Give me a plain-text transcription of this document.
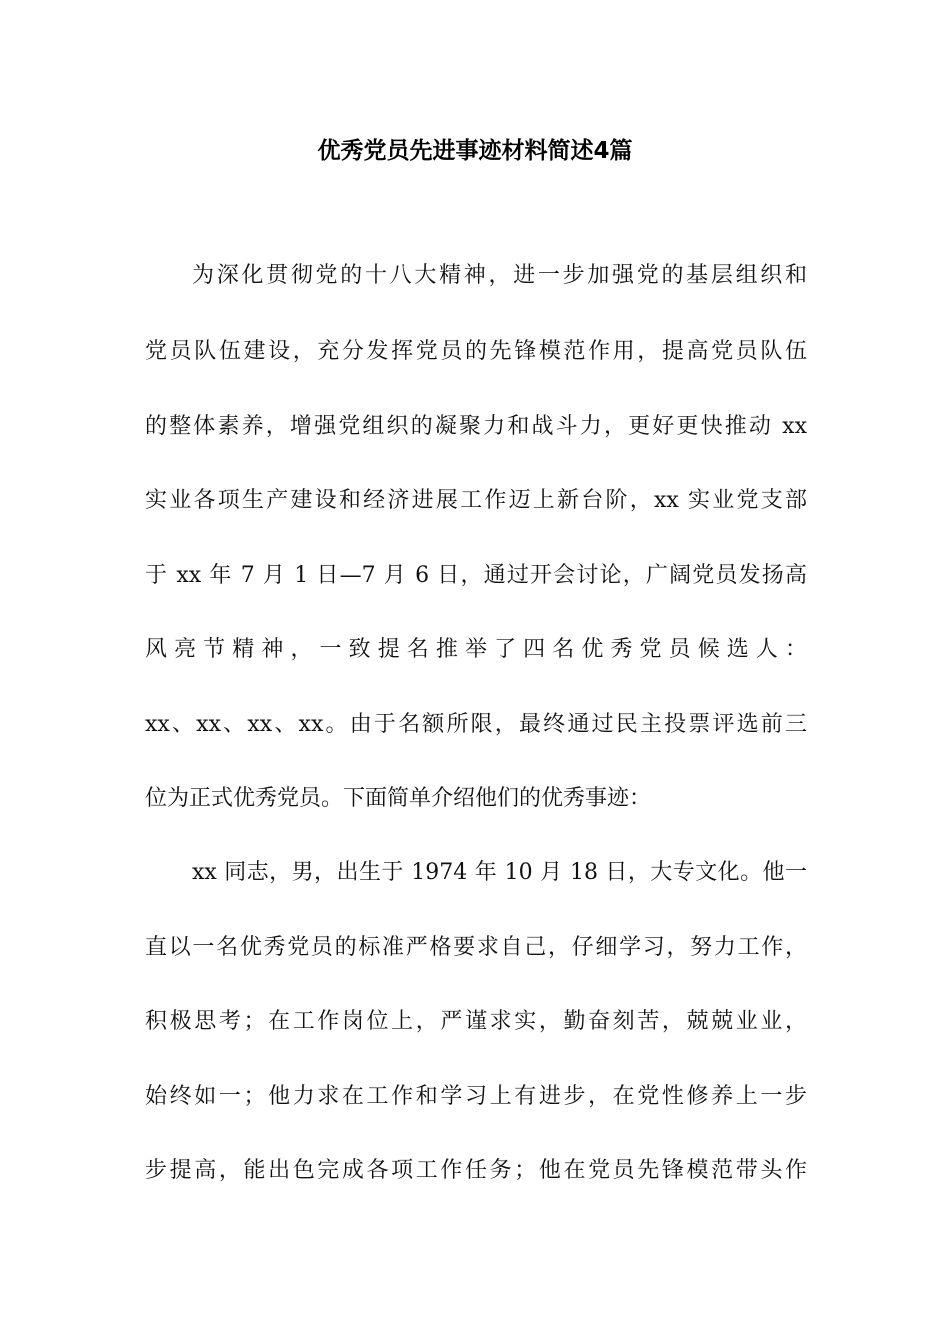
优秀党员先进事迹材料简述4篇
为深化贯彻党的十八大精神，进一步加强党的基层组织和
党员队伍建设，充分发挥党员的先锋模范作用，提高党员队伍
的整体素养，增强党组织的凝聚力和战斗力，更好更快推动 xx
实业各项生产建设和经济进展工作迈上新台阶，xx 实业党支部
于 xx 年 7 月 1 日—7 月 6 日，通过开会讨论，广阔党员发扬高
风亮节精神，一致提名推举了四名优秀党员候选人：
xx、xx、xx、xx。由于名额所限，最终通过民主投票评选前三
位为正式优秀党员。下面简单介绍他们的优秀事迹：
xx 同志，男，出生于 1974 年 10 月 18 日，大专文化。他一
直以一名优秀党员的标准严格要求自己，仔细学习，努力工作，
积极思考；在工作岗位上，严谨求实，勤奋刻苦，兢兢业业，
始终如一；他力求在工作和学习上有进步，在党性修养上一步
步提高，能出色完成各项工作任务；他在党员先锋模范带头作
